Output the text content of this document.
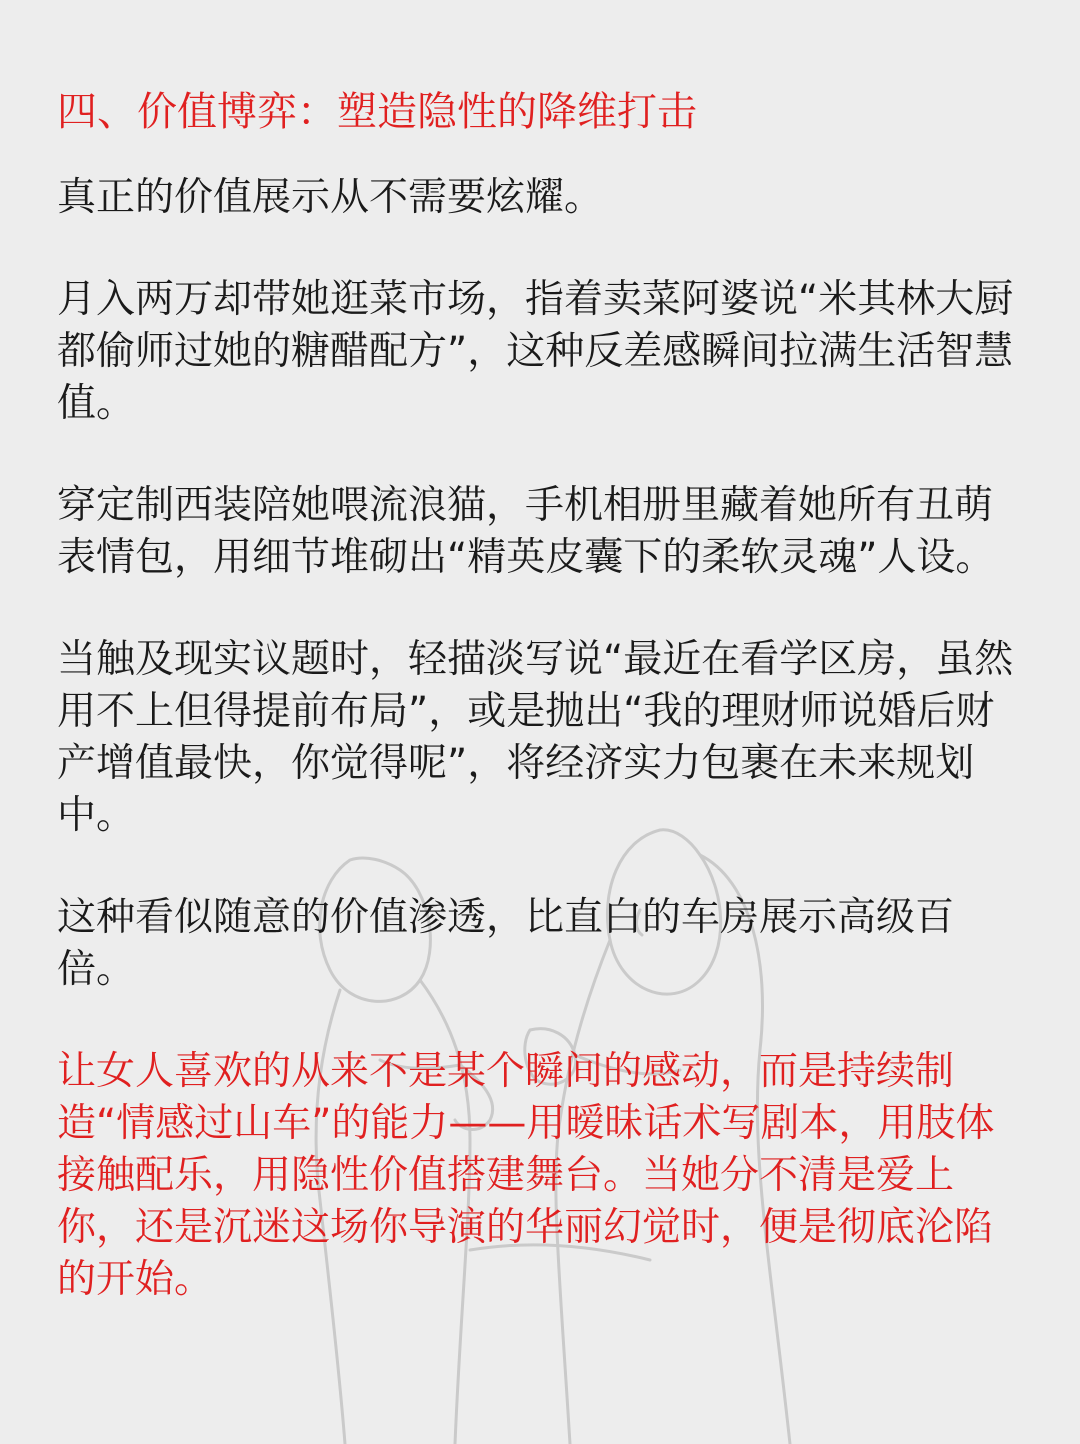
四、价值博弈：塑造隐性的降维打击

真正的价值展示从不需要炫耀。

月入两万却带她逛菜市场，指着卖菜阿婆说“米其林大厨都偷师过她的糖醋配方”，这种反差感瞬间拉满生活智慧值。

穿定制西装陪她喂流浪猫，手机相册里藏着她所有丑萌表情包，用细节堆砌出“精英皮囊下的柔软灵魂”人设。

当触及现实议题时，轻描淡写说“最近在看学区房，虽然用不上但得提前布局”，或是抛出“我的理财师说婚后财产增值最快，你觉得呢”，将经济实力包裹在未来规划中。

这种看似随意的价值渗透，比直白的车房展示高级百倍。

让女人喜欢的从来不是某个瞬间的感动，而是持续制造“情感过山车”的能力——用暧昧话术写剧本，用肢体接触配乐，用隐性价值搭建舞台。当她分不清是爱上你，还是沉迷这场你导演的华丽幻觉时，便是彻底沦陷的开始。
